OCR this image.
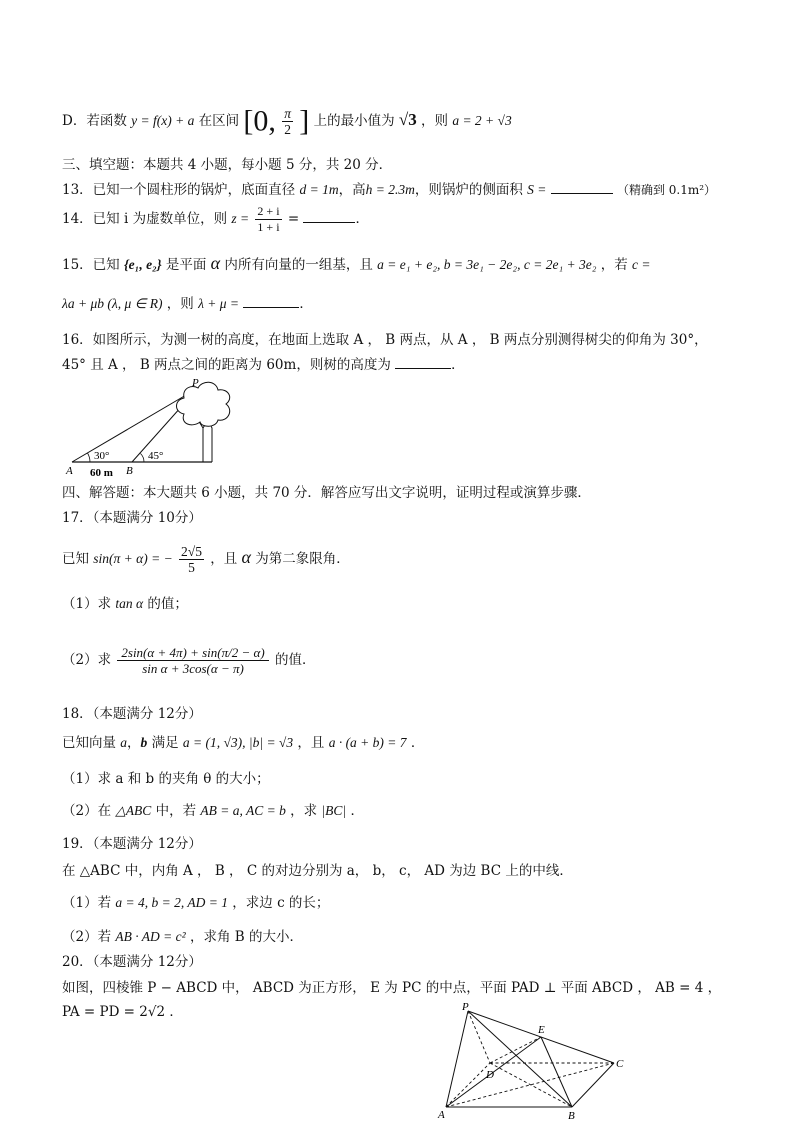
D．若函数 y = f(x) + a 在区间 [0, $\frac{\pi}{2}$ ] 上的最小值为 √3 ，则 a = 2 + √3
三、填空题：本题共 4 小题，每小题 5 分，共 20 分．
13．已知一个圆柱形的锅炉，底面直径 d = 1m，高h = 2.3m，则锅炉的侧面积 S =	（精确到 0.1m²）
14．已知 i 为虚数单位，则 $z = \frac{2 + i}{1 + i}$ =	．
15．已知 {e₁, e₂} 是平面 α 内所有向量的一组基，且 a = e₁ + e₂, b = 3e₁ − 2e₂, c = 2e₁ + 3e₂ ，若 c =
λa + μb (λ, μ ∈ R) ，则 λ + μ =	．
16．如图所示，为测一树的高度，在地面上选取 A ， B 两点，从 A ， B 两点分别测得树尖的仰角为 30°，
45° 且 A ， B 两点之间的距离为 60m，则树的高度为	．
P
A	B
30°	45°
60 m
四、解答题：本大题共 6 小题，共 70 分．解答应写出文字说明，证明过程或演算步骤．
17．（本题满分 10分）
已知 sin(π + α) = − $\frac{2√5}{5}$ ，且 α 为第二象限角．
（1）求 tan α 的值；
（2）求 $\frac{2\sin(\alpha + 4\pi) + \sin(\pi/2 - \alpha)}{\text{sin α + 3cos(α − π)}}$ 的值．
18．（本题满分 12分）
已知向量 a，b 满足 a = (1, √3), |b| = √3 ，且 a · (a + b) = 7 ．
（1）求 a 和 b 的夹角 θ 的大小；
（2）在 △ABC 中，若 AB = a, AC = b ，求 |BC| ．
19．（本题满分 12分）
在 △ABC 中，内角 A ， B ， C 的对边分别为 a， b， c， AD 为边 BC 上的中线．
（1）若 a = 4, b = 2, AD = 1 ，求边 c 的长；
（2）若 AB · AD = c² ，求角 B 的大小．
20．（本题满分 12分）
如图，四棱锥 P − ABCD 中， ABCD 为正方形， E 为 PC 的中点，平面 PAD ⊥ 平面 ABCD ， AB = 4 ，
PA = PD = 2√2 ．	P
E
C
D
A	B
